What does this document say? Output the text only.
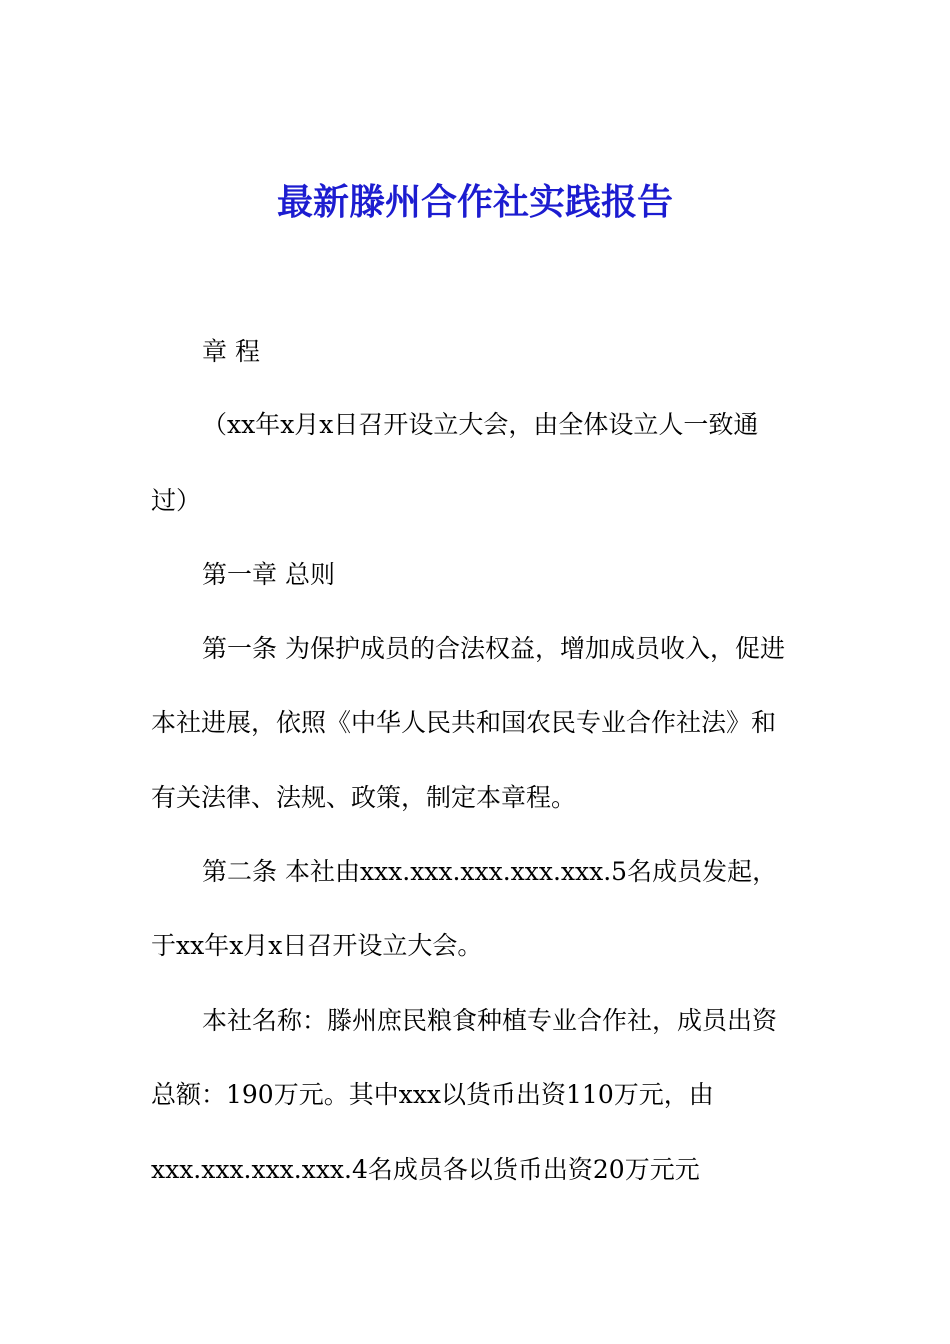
最新滕州合作社实践报告
章 程
（xx年x月x日召开设立大会，由全体设立人一致通
过）
第一章 总则
第一条 为保护成员的合法权益，增加成员收入，促进
本社进展，依照《中华人民共和国农民专业合作社法》和
有关法律、法规、政策，制定本章程。
第二条 本社由xxx.xxx.xxx.xxx.xxx.5名成员发起，
于xx年x月x日召开设立大会。
本社名称：滕州庶民粮食种植专业合作社，成员出资
总额：190万元。其中xxx以货币出资110万元，由
xxx.xxx.xxx.xxx.4名成员各以货币出资20万元元
